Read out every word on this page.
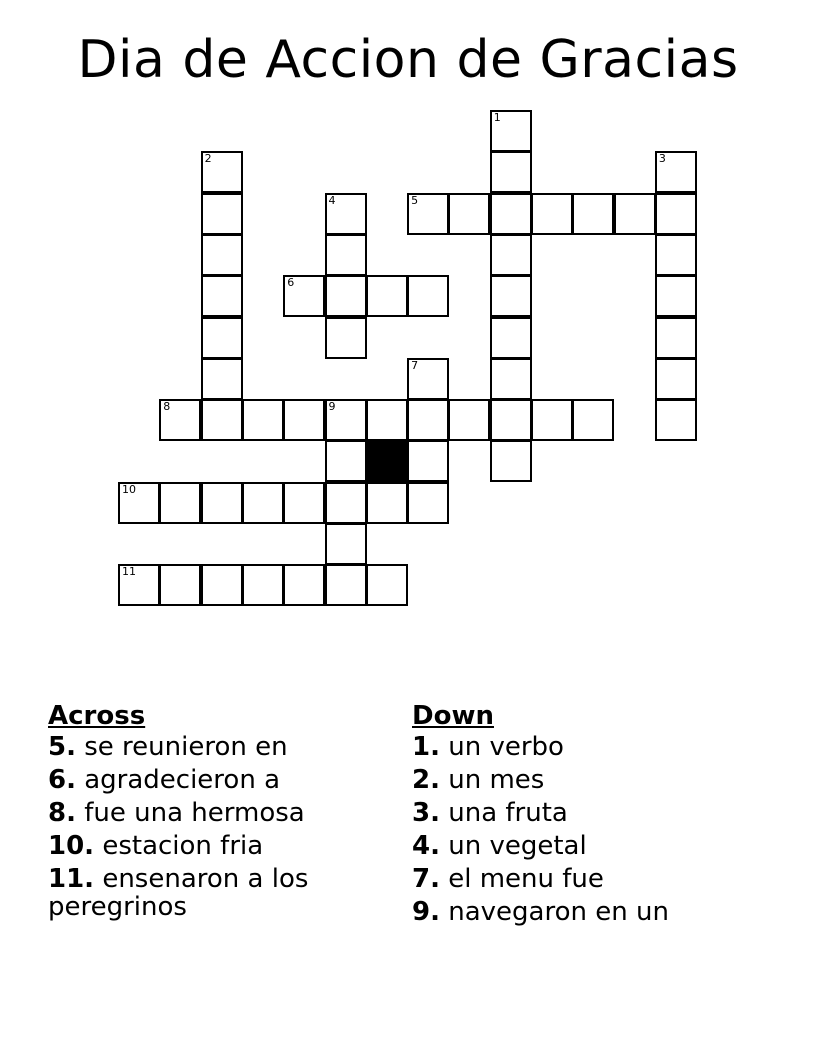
Dia de Accion de Gracias
1
2	3
4	5
6
7
8	9
10
11
Across
5. se reunieron en
6. agradecieron a
8. fue una hermosa
10. estacion fria
11. ensenaron a los peregrinos
Down
1. un verbo
2. un mes
3. una fruta
4. un vegetal
7. el menu fue
9. navegaron en un
